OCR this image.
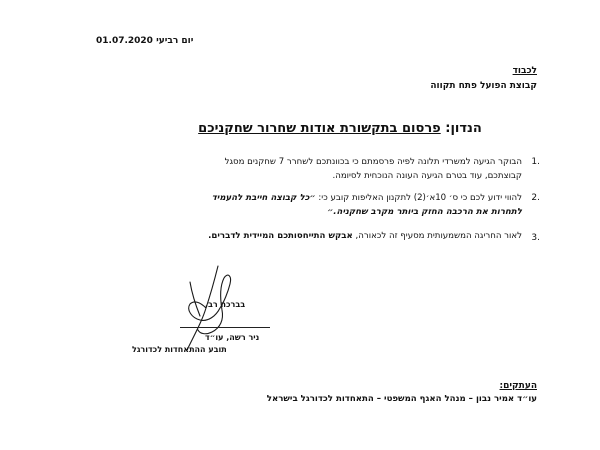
01.07.2020 יום רביעי
לכבוד
קבוצת הפועל פתח תקווה
הנדון: פרסום בתקשורת אודות שחרור שחקניכם
1.
הבוקר הגיעה למשרדי תלונה לפיה פרסמתם כי בכוונתכם לשחרר 7 שחקנים מסגל
קבוצתכם, עוד בטרם הגיעה העונה הנוכחית לסיומה.
2.
להווי ידוע לכם כי ס׳ 10א׳(2) לתקנון האליפות קובע כי: ״כל קבוצה חייבת להעמיד
לתחרות את הרכבה החזק ביותר מקרב שחקניה.״
3.
לאור החריגה המשמעותית מסעיף זה לכאורה, אבקש התייחסותכם המיידית לדברים.
בברכה רב,
ניר רשה, עו״ד
תובע ההתאחדות לכדורגל
העתקים:
עו״ד אמיר נבון – מנהל האגף המשפטי – התאחדות לכדורגל בישראל
